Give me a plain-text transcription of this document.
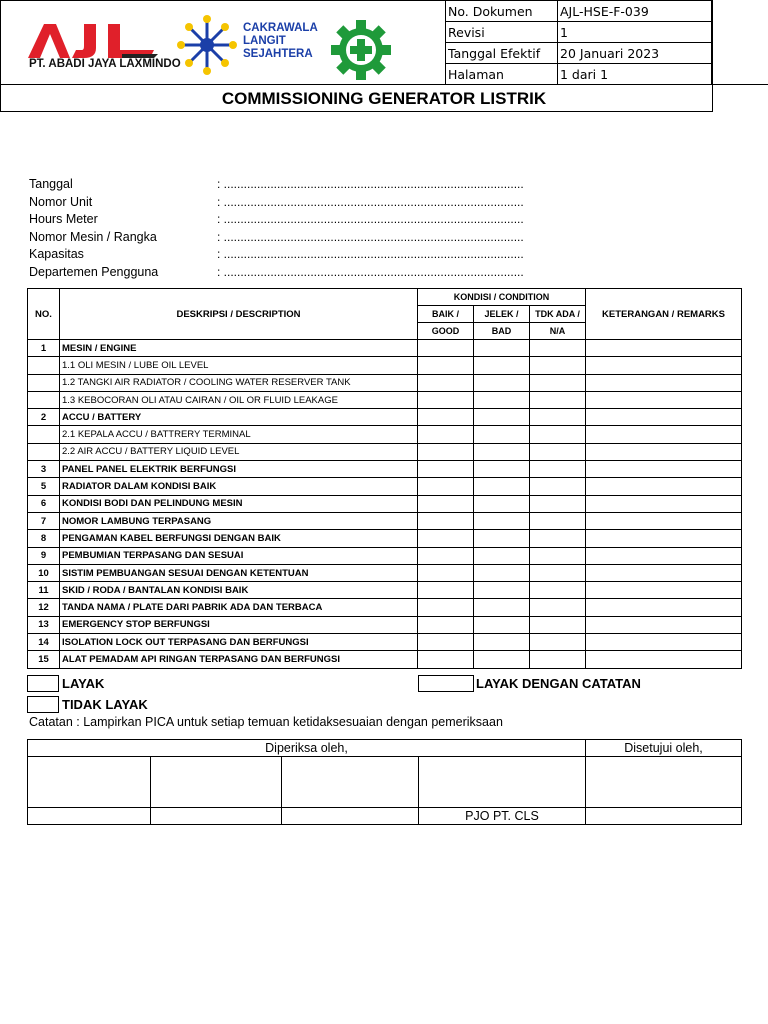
PT. ABADI JAYA LAXMINDO
CAKRAWALA
LANGIT
SEJAHTERA
No. Dokumen	AJL-HSE-F-039
Revisi	1
Tanggal Efektif	20 Januari 2023
Halaman	1 dari 1
COMMISSIONING GENERATOR LISTRIK
Tanggal	: ..........................................................................................
Nomor Unit	: ..........................................................................................
Hours Meter	: ..........................................................................................
Nomor Mesin / Rangka	: ..........................................................................................
Kapasitas	: ..........................................................................................
Departemen Pengguna	: ..........................................................................................
NO.	DESKRIPSI / DESCRIPTION	KONDISI / CONDITION			KETERANGAN / REMARKS
		BAIK /	JELEK /	TDK ADA /	
		GOOD	BAD	N/A	
1	MESIN / ENGINE				
	1.1 OLI MESIN / LUBE OIL LEVEL				
	1.2 TANGKI AIR RADIATOR / COOLING WATER RESERVER TANK				
	1.3 KEBOCORAN OLI ATAU CAIRAN / OIL OR FLUID LEAKAGE				
2	ACCU / BATTERY				
	2.1 KEPALA ACCU / BATTRERY TERMINAL				
	2.2 AIR ACCU / BATTERY LIQUID LEVEL				
3	PANEL PANEL ELEKTRIK BERFUNGSI				
5	RADIATOR DALAM KONDISI BAIK				
6	KONDISI BODI DAN PELINDUNG MESIN				
7	NOMOR LAMBUNG TERPASANG				
8	PENGAMAN KABEL BERFUNGSI DENGAN BAIK				
9	PEMBUMIAN TERPASANG DAN SESUAI				
10	SISTIM PEMBUANGAN SESUAI DENGAN KETENTUAN				
11	SKID / RODA / BANTALAN KONDISI BAIK				
12	TANDA NAMA / PLATE DARI PABRIK ADA DAN TERBACA				
13	EMERGENCY STOP BERFUNGSI				
14	ISOLATION LOCK OUT TERPASANG DAN BERFUNGSI				
15	ALAT PEMADAM API RINGAN TERPASANG DAN BERFUNGSI				
LAYAK	LAYAK DENGAN CATATAN
TIDAK LAYAK
Catatan : Lampirkan PICA untuk setiap temuan ketidaksesuaian dengan pemeriksaan
Diperiksa oleh,				Disetujui oleh,

			PJO PT. CLS	
